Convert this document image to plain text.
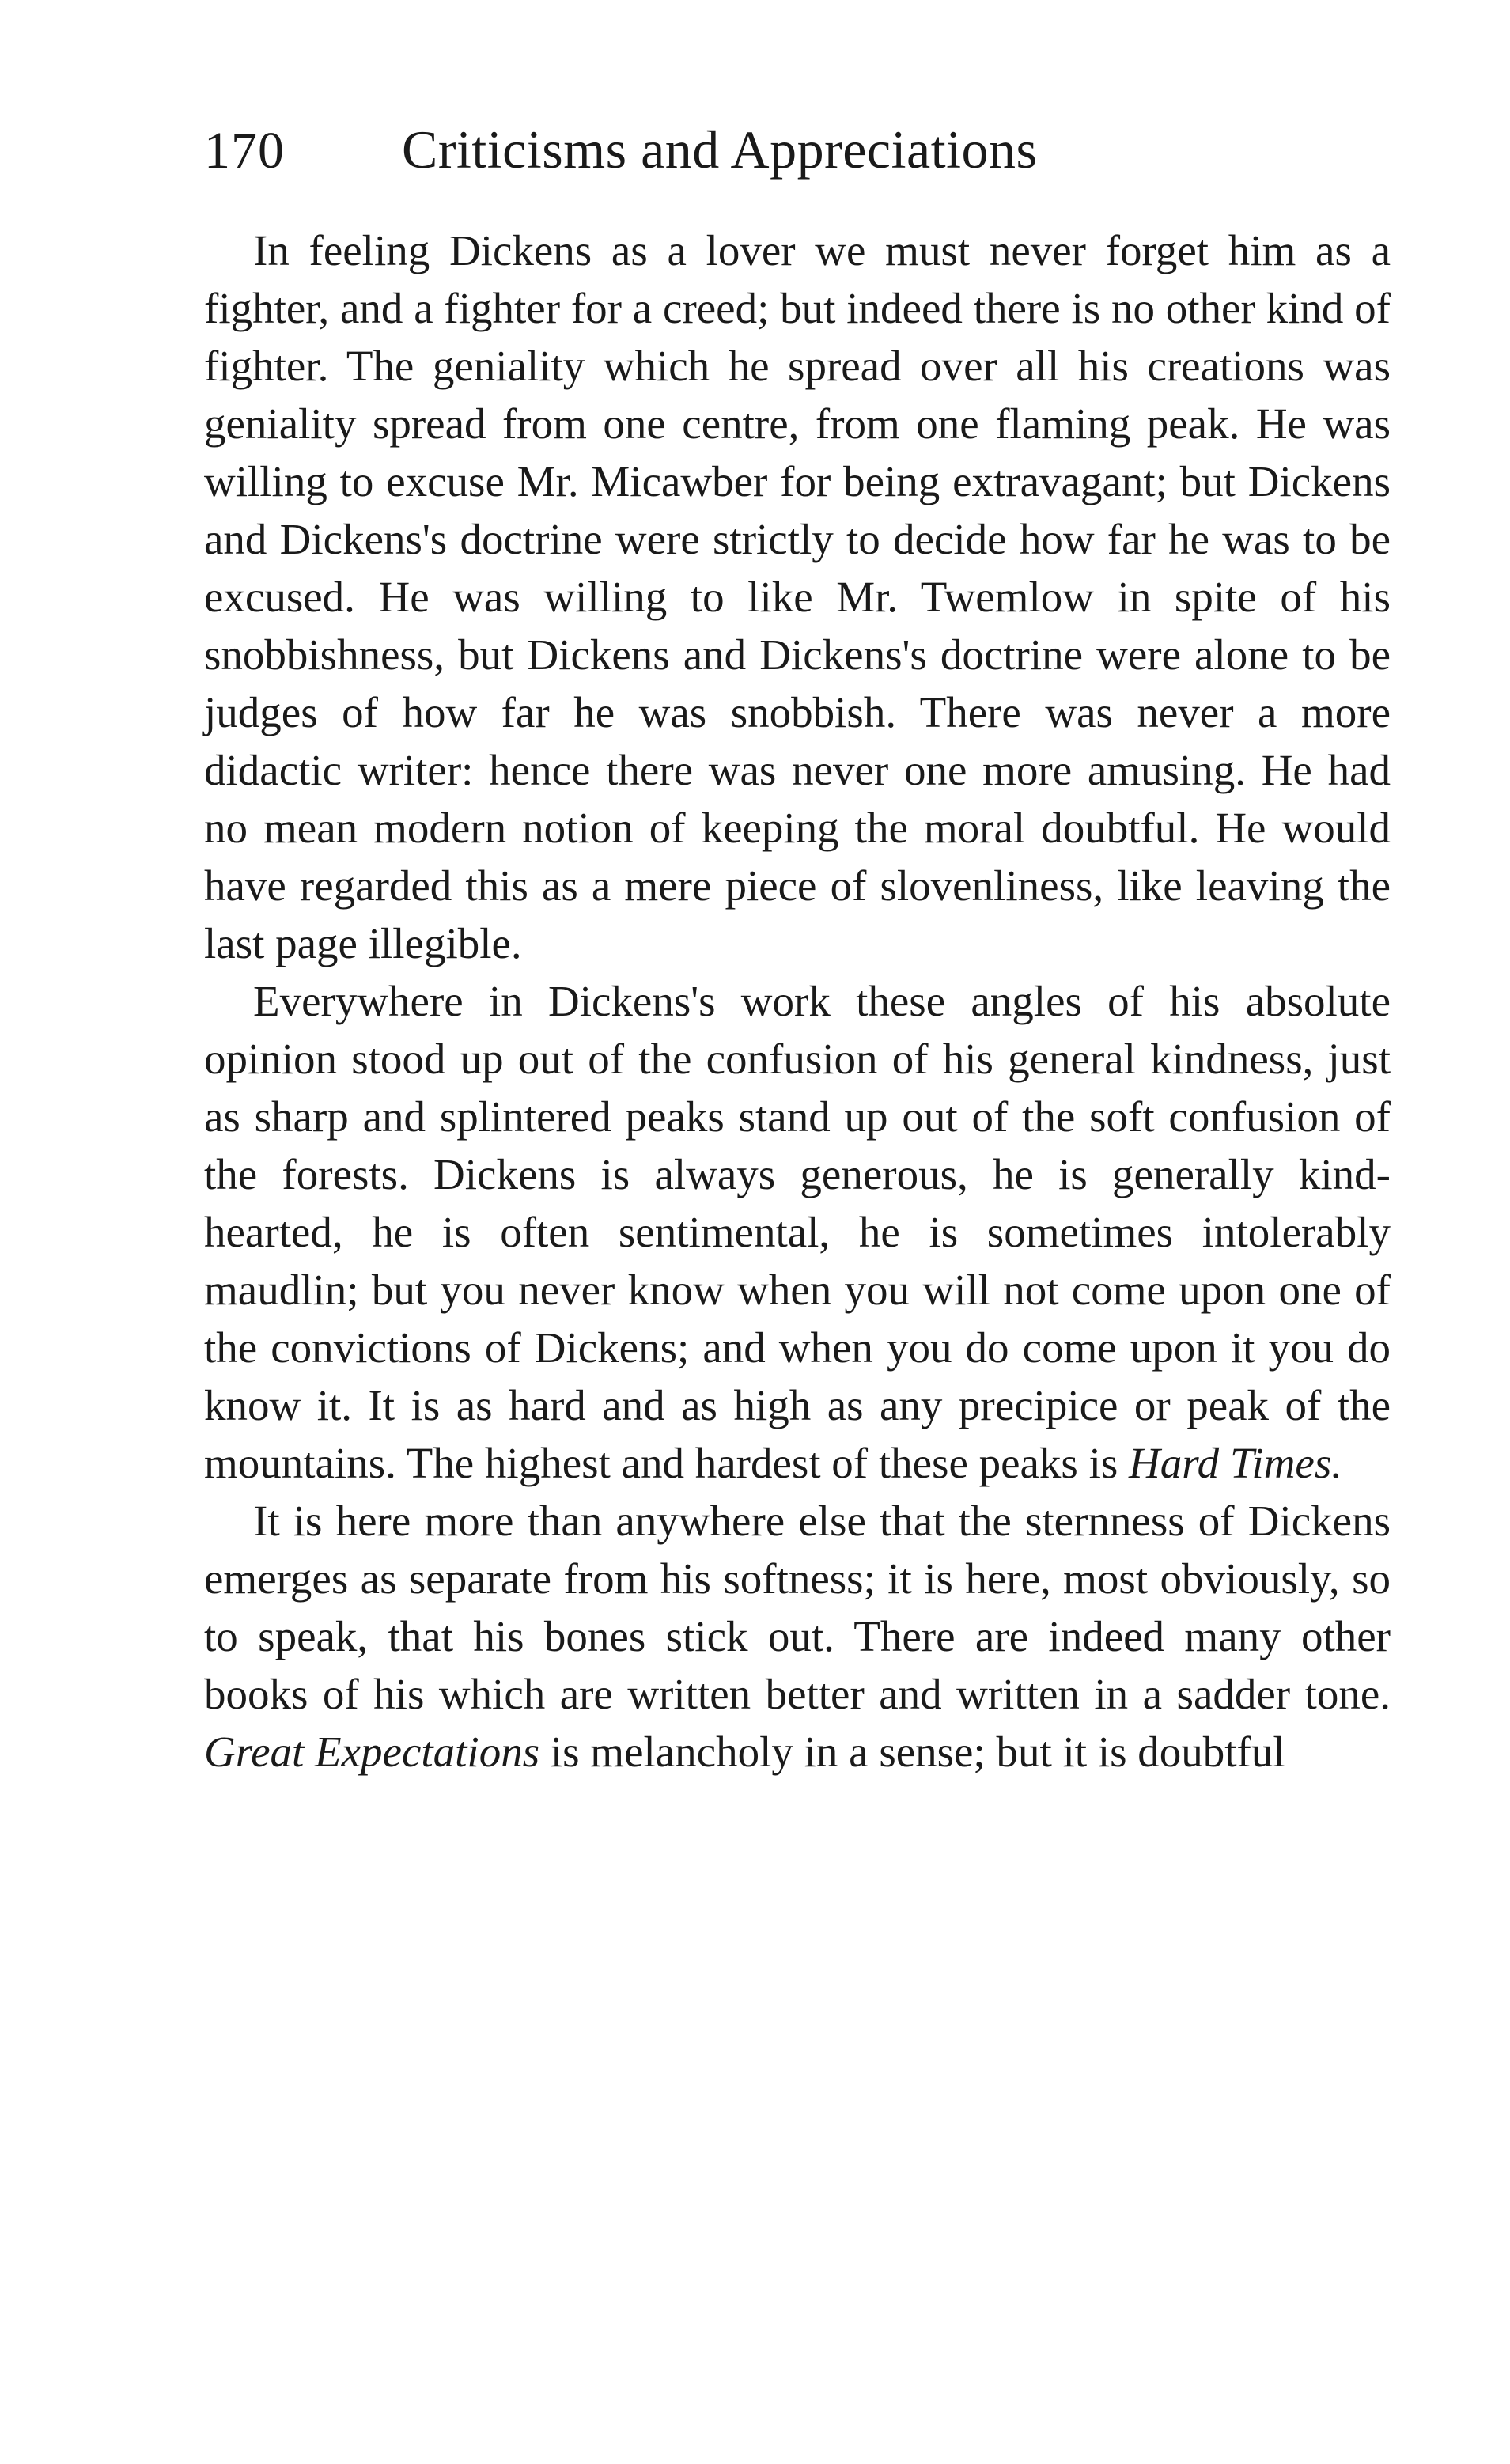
170	Criticisms and Appreciations

In feeling Dickens as a lover we must never forget him as a fighter, and a fighter for a creed; but indeed there is no other kind of fighter. The geniality which he spread over all his creations was geniality spread from one centre, from one flaming peak. He was willing to excuse Mr. Micawber for being extravagant; but Dickens and Dickens's doctrine were strictly to decide how far he was to be excused. He was willing to like Mr. Twemlow in spite of his snobbishness, but Dickens and Dickens's doctrine were alone to be judges of how far he was snobbish. There was never a more didactic writer: hence there was never one more amusing. He had no mean modern notion of keeping the moral doubtful. He would have regarded this as a mere piece of slovenliness, like leaving the last page illegible.

Everywhere in Dickens's work these angles of his absolute opinion stood up out of the confusion of his general kindness, just as sharp and splintered peaks stand up out of the soft confusion of the forests. Dickens is always generous, he is generally kind-hearted, he is often sentimental, he is sometimes intolerably maudlin; but you never know when you will not come upon one of the convictions of Dickens; and when you do come upon it you do know it. It is as hard and as high as any precipice or peak of the mountains. The highest and hardest of these peaks is Hard Times.

It is here more than anywhere else that the sternness of Dickens emerges as separate from his softness; it is here, most obviously, so to speak, that his bones stick out. There are indeed many other books of his which are written better and written in a sadder tone. Great Expectations is melancholy in a sense; but it is doubtful
